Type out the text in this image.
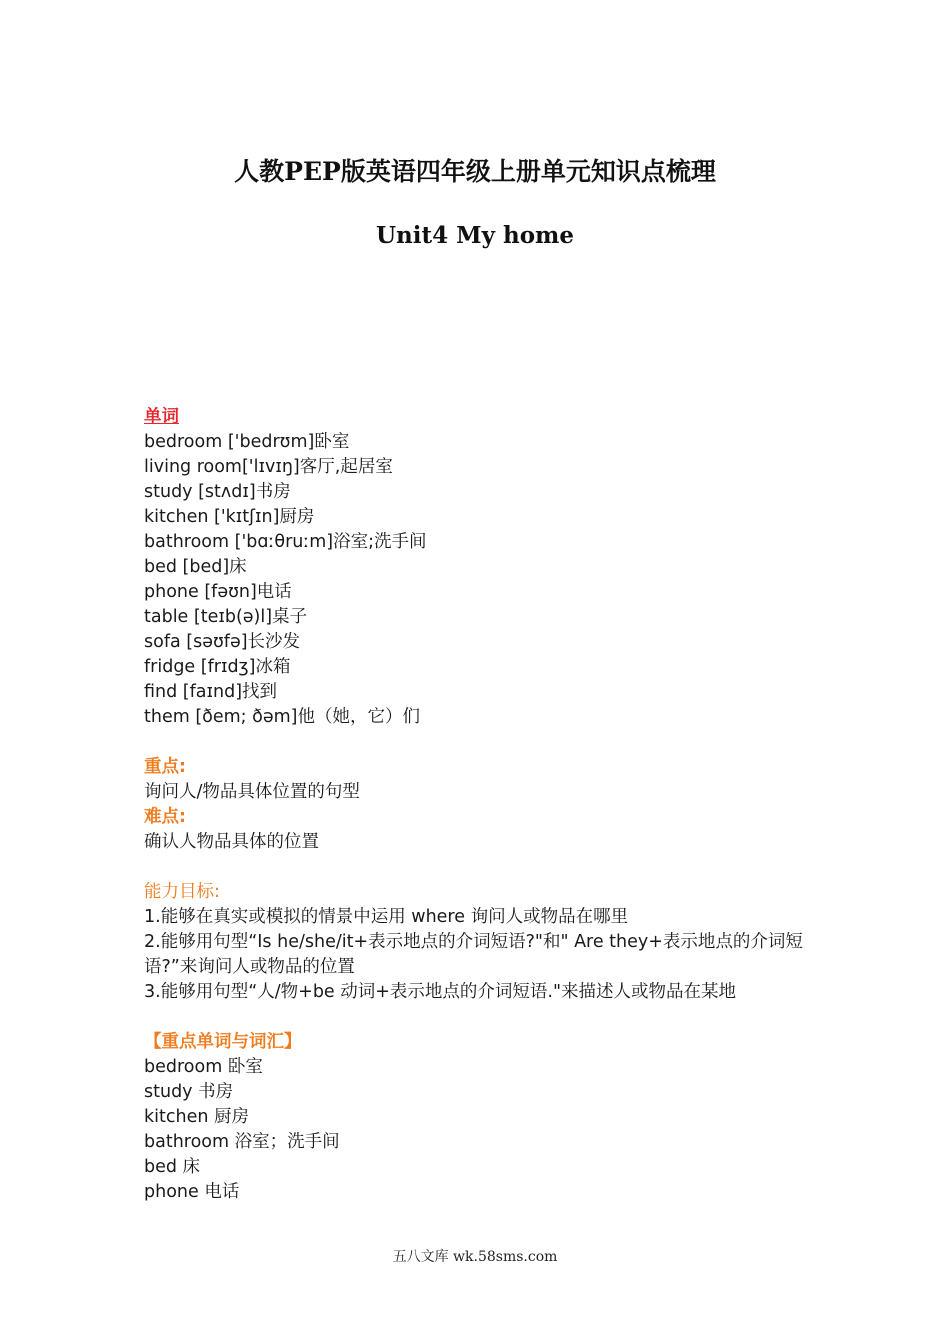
人教PEP版英语四年级上册单元知识点梳理
Unit4 My home
单词
bedroom ['bedrʊm]卧室
living room['lɪvɪŋ]客厅,起居室
study [stʌdɪ]书房
kitchen ['kɪtʃɪn]厨房
bathroom ['bɑːθruːm]浴室;洗手间
bed [bed]床
phone [fəʊn]电话
table [teɪb(ə)l]桌子
sofa [səʊfə]长沙发
fridge [frɪdʒ]冰箱
find [faɪnd]找到
them [ðem; ðəm]他（她，它）们
重点:
询问人/物品具体位置的句型
难点:
确认人物品具体的位置
能力目标:
1.能够在真实或模拟的情景中运用 where 询问人或物品在哪里
2.能够用句型“Is he/she/it+表示地点的介词短语?"和" Are they+表示地点的介词短语?”来询问人或物品的位置
3.能够用句型“人/物+be 动词+表示地点的介词短语."来描述人或物品在某地
【重点单词与词汇】
bedroom 卧室
study 书房
kitchen 厨房
bathroom 浴室；洗手间
bed 床
phone 电话
五八文库 wk.58sms.com
